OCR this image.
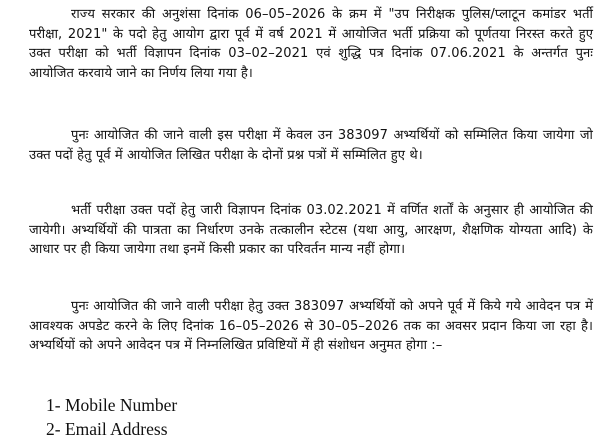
राज्य सरकार की अनुशंसा दिनांक 06–05–2026 के क्रम में "उप निरीक्षक पुलिस/प्लाटून कमांडर भर्ती परीक्षा, 2021" के पदो हेतु आयोग द्वारा पूर्व में वर्ष 2021 में आयोजित भर्ती प्रक्रिया को पूर्णतया निरस्त करते हुए उक्त परीक्षा को भर्ती विज्ञापन दिनांक 03–02–2021 एवं शुद्धि पत्र दिनांक 07.06.2021 के अन्तर्गत पुनः आयोजित करवाये जाने का निर्णय लिया गया है।

पुनः आयोजित की जाने वाली इस परीक्षा में केवल उन 383097 अभ्यर्थियों को सम्मिलित किया जायेगा जो उक्त पदों हेतु पूर्व में आयोजित लिखित परीक्षा के दोनों प्रश्न पत्रों में सम्मिलित हुए थे।

भर्ती परीक्षा उक्त पदों हेतु जारी विज्ञापन दिनांक 03.02.2021 में वर्णित शर्तों के अनुसार ही आयोजित की जायेगी। अभ्यर्थियों की पात्रता का निर्धारण उनके तत्कालीन स्टेटस (यथा आयु, आरक्षण, शैक्षणिक योग्यता आदि) के आधार पर ही किया जायेगा तथा इनमें किसी प्रकार का परिवर्तन मान्य नहीं होगा।

पुनः आयोजित की जाने वाली परीक्षा हेतु उक्त 383097 अभ्यर्थियों को अपने पूर्व में किये गये आवेदन पत्र में आवश्यक अपडेट करने के लिए दिनांक 16–05–2026 से 30–05–2026 तक का अवसर प्रदान किया जा रहा है। अभ्यर्थियों को अपने आवेदन पत्र में निम्नलिखित प्रविष्टियों में ही संशोधन अनुमत होगा :–

1- Mobile Number
2- Email Address
